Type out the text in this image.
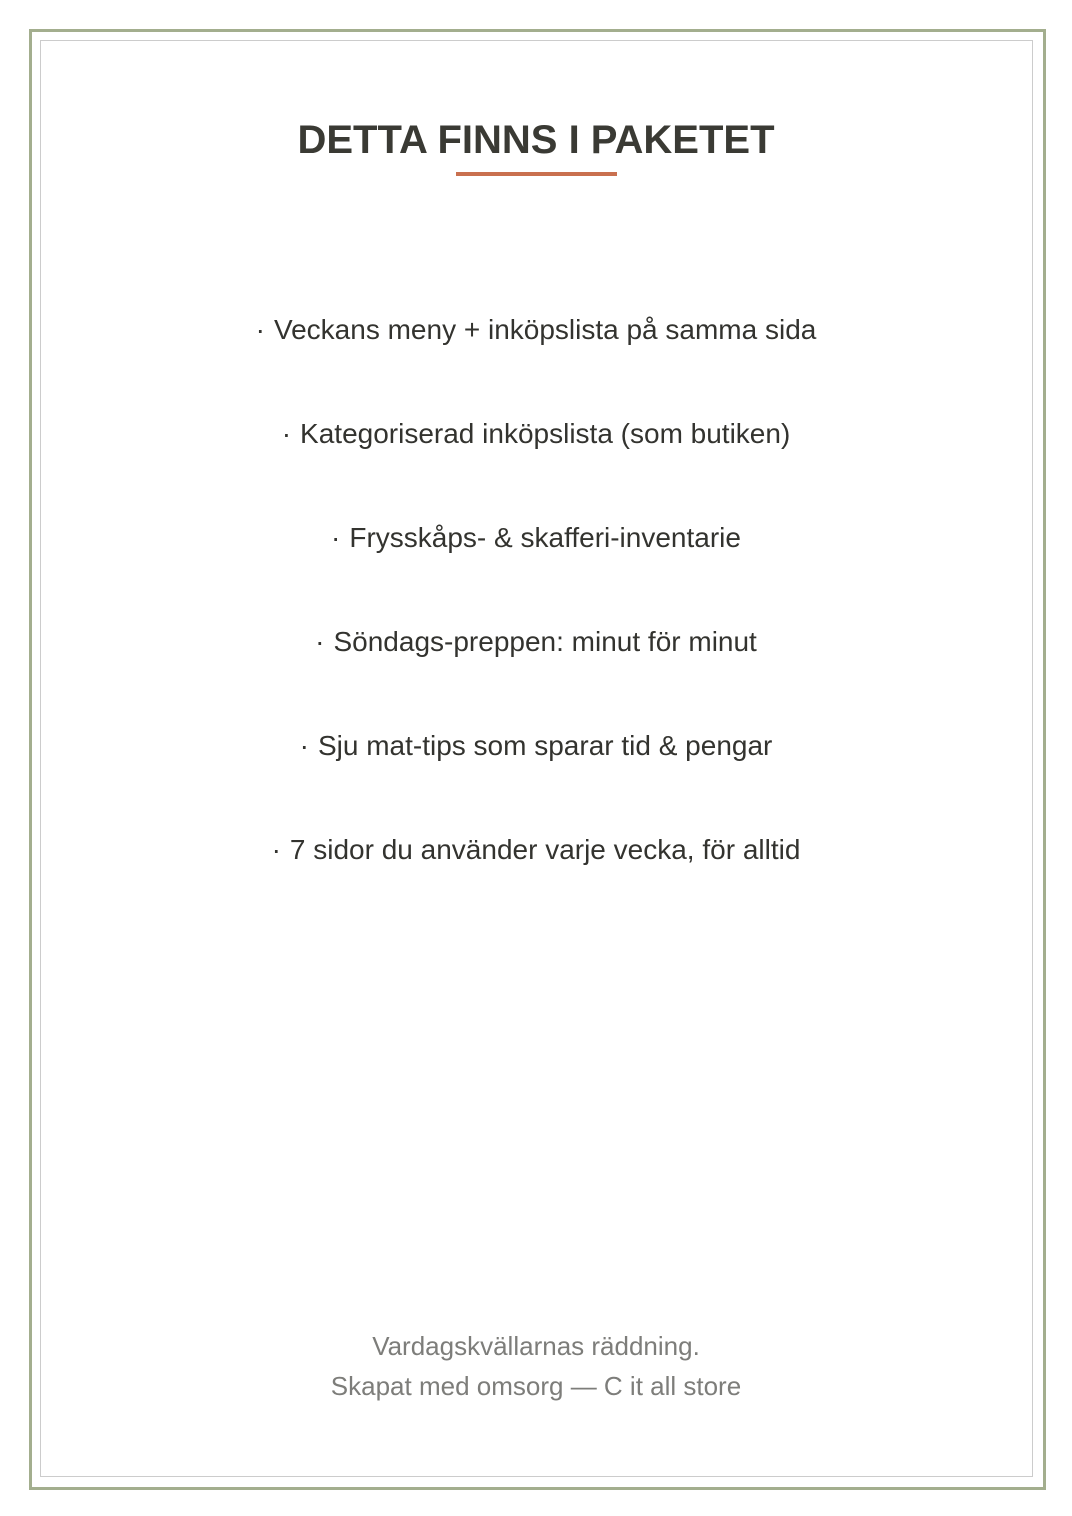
DETTA FINNS I PAKETET
· Veckans meny + inköpslista på samma sida
· Kategoriserad inköpslista (som butiken)
· Frysskåps- & skafferi-inventarie
· Söndags-preppen: minut för minut
· Sju mat-tips som sparar tid & pengar
· 7 sidor du använder varje vecka, för alltid
Vardagskvällarnas räddning.
Skapat med omsorg — C it all store
